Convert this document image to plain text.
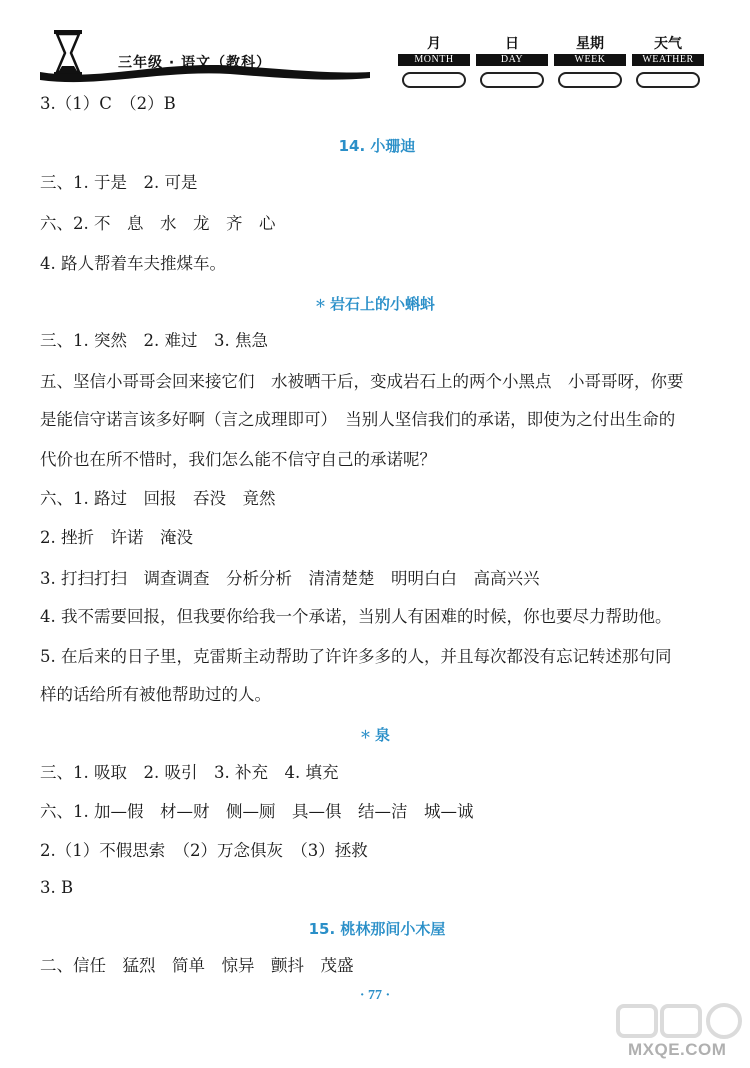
三年级 · 语文（教科）
月
MONTH
日
DAY
星期
WEEK
天气
WEATHER
3.（1）C　（2）B
14. 小珊迪
三、1. 于是　2. 可是
六、2. 不　息　水　龙　齐　心
4. 路人帮着车夫推煤车。
＊ 岩石上的小蝌蚪
三、1. 突然　2. 难过　3. 焦急
五、坚信小哥哥会回来接它们　水被晒干后，变成岩石上的两个小黑点　小哥哥呀，你要
是能信守诺言该多好啊（言之成理即可）　当别人坚信我们的承诺，即使为之付出生命的
代价也在所不惜时，我们怎么能不信守自己的承诺呢？
六、1. 路过　回报　吞没　竟然
2. 挫折　许诺　淹没
3. 打扫打扫　调查调查　分析分析　清清楚楚　明明白白　高高兴兴
4. 我不需要回报，但我要你给我一个承诺，当别人有困难的时候，你也要尽力帮助他。
5. 在后来的日子里，克雷斯主动帮助了许许多多的人，并且每次都没有忘记转述那句同
样的话给所有被他帮助过的人。
＊ 泉
三、1. 吸取　2. 吸引　3. 补充　4. 填充
六、1. 加—假　材—财　侧—厕　具—俱　结—洁　城—诚
2.（1）不假思索　（2）万念俱灰　（3）拯救
3. B
15. 桃林那间小木屋
二、信任　猛烈　简单　惊异　颤抖　茂盛
· 77 ·
MXQE.COM
